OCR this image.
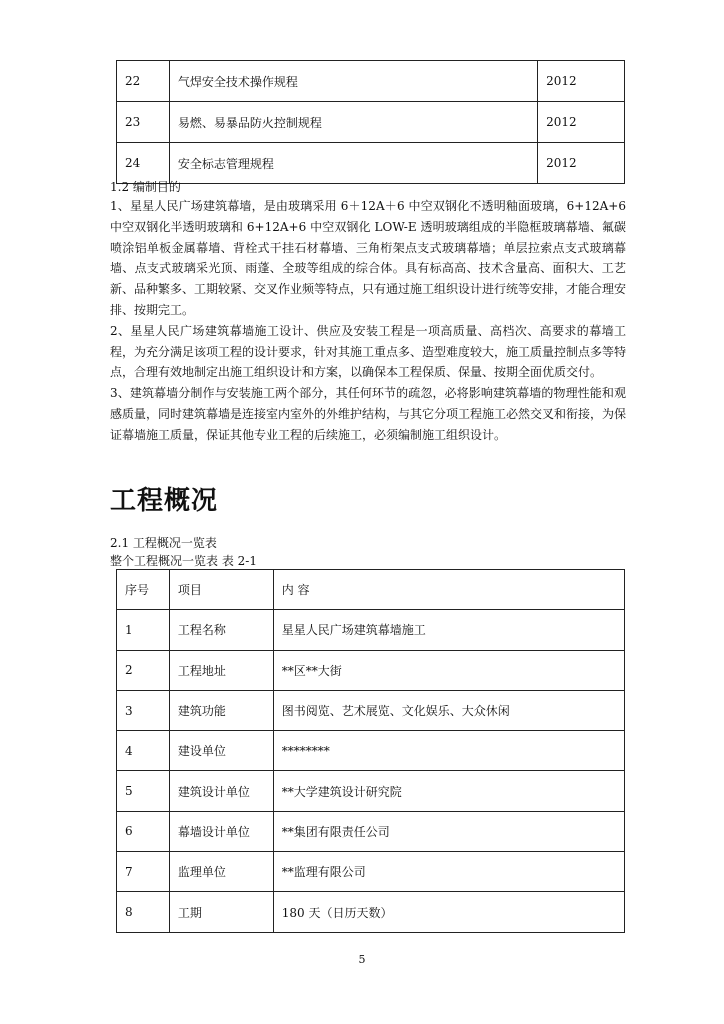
22	气焊安全技术操作规程	2012
23	易燃、易暴品防火控制规程	2012
24	安全标志管理规程	2012
1.2 编制目的

1、星星人民广场建筑幕墙，是由玻璃采用 6＋12A＋6 中空双钢化不透明釉面玻璃，6+12A+6 中空双钢化半透明玻璃和 6+12A+6 中空双钢化 LOW-E 透明玻璃组成的半隐框玻璃幕墙、氟碳喷涂铝单板金属幕墙、背栓式干挂石材幕墙、三角桁架点支式玻璃幕墙；单层拉索点支式玻璃幕墙、点支式玻璃采光顶、雨蓬、全玻等组成的综合体。具有标高高、技术含量高、面积大、工艺新、品种繁多、工期较紧、交叉作业频等特点，只有通过施工组织设计进行统等安排，才能合理安排、按期完工。

2、星星人民广场建筑幕墙施工设计、供应及安装工程是一项高质量、高档次、高要求的幕墙工程，为充分满足该项工程的设计要求，针对其施工重点多、造型难度较大，施工质量控制点多等特点，合理有效地制定出施工组织设计和方案，以确保本工程保质、保量、按期全面优质交付。

3、建筑幕墙分制作与安装施工两个部分，其任何环节的疏忽，必将影响建筑幕墙的物理性能和观感质量，同时建筑幕墙是连接室内室外的外维护结构，与其它分项工程施工必然交叉和衔接，为保证幕墙施工质量，保证其他专业工程的后续施工，必须编制施工组织设计。

工程概况
2.1 工程概况一览表
整个工程概况一览表 表 2-1
序号	项目	内 容
1	工程名称	星星人民广场建筑幕墙施工
2	工程地址	**区**大街
3	建筑功能	图书阅览、艺术展览、文化娱乐、大众休闲
4	建设单位	********
5	建筑设计单位	**大学建筑设计研究院
6	幕墙设计单位	**集团有限责任公司
7	监理单位	**监理有限公司
8	工期	180 天（日历天数）
5
